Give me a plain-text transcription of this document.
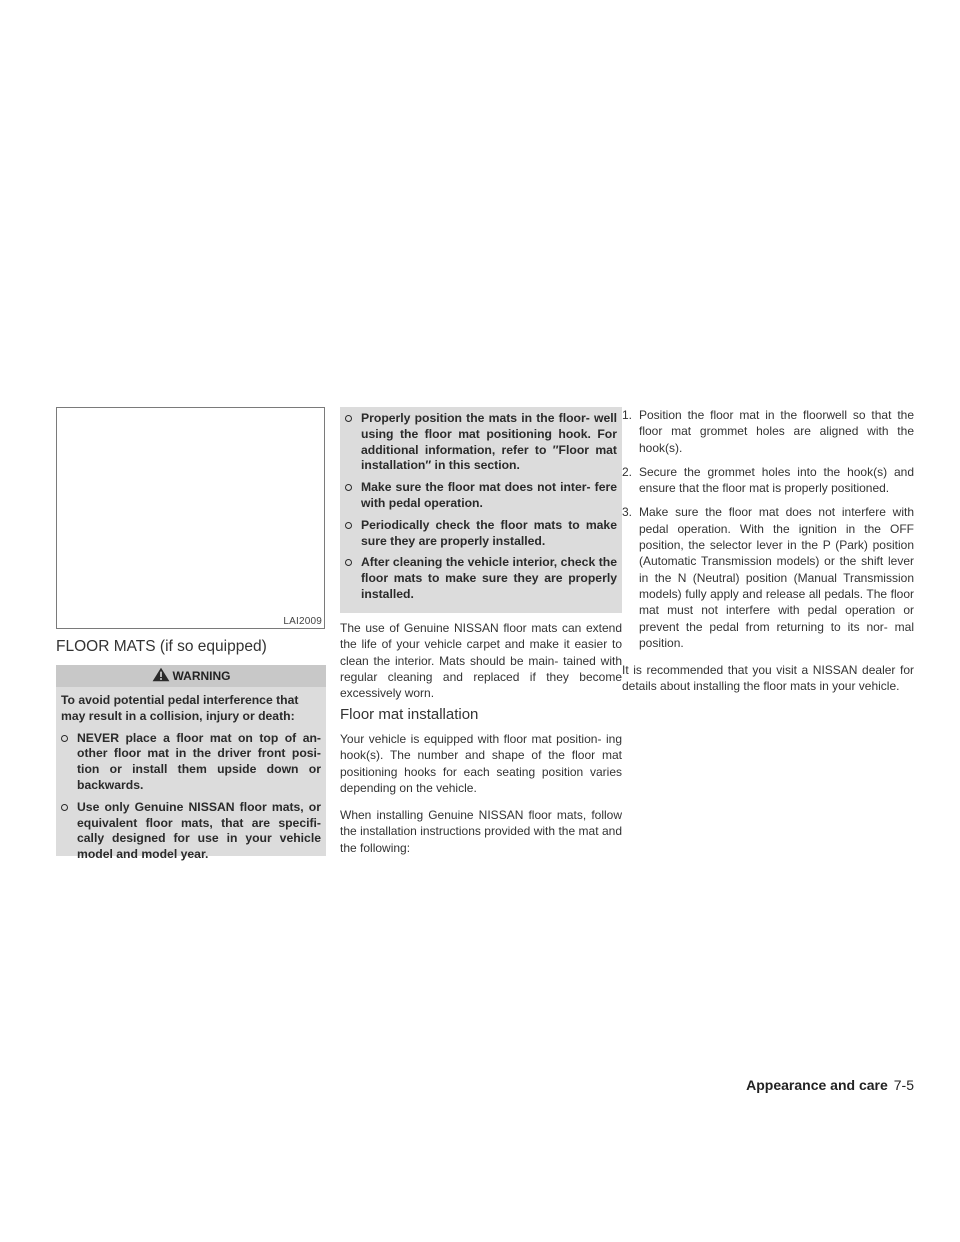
LAI2009
FLOOR MATS (if so equipped)
WARNING

To avoid potential pedal interference that may result in a collision, injury or death:

NEVER place a floor mat on top of an- other floor mat in the driver front posi- tion or install them upside down or backwards.
Use only Genuine NISSAN floor mats, or equivalent floor mats, that are specifi- cally designed for use in your vehicle model and model year.
Properly position the mats in the floor- well using the floor mat positioning hook. For additional information, refer to ″Floor mat installation″ in this section.
Make sure the floor mat does not inter- fere with pedal operation.
Periodically check the floor mats to make sure they are properly installed.
After cleaning the vehicle interior, check the floor mats to make sure they are properly installed.

The use of Genuine NISSAN floor mats can extend the life of your vehicle carpet and make it easier to clean the interior. Mats should be main- tained with regular cleaning and replaced if they become excessively worn.

Floor mat installation

Your vehicle is equipped with floor mat position- ing hook(s). The number and shape of the floor mat positioning hooks for each seating position varies depending on the vehicle.

When installing Genuine NISSAN floor mats, follow the installation instructions provided with the mat and the following:

1. Position the floor mat in the floorwell so that the floor mat grommet holes are aligned with the hook(s).
2. Secure the grommet holes into the hook(s) and ensure that the floor mat is properly positioned.
3. Make sure the floor mat does not interfere with pedal operation. With the ignition in the OFF position, the selector lever in the P (Park) position (Automatic Transmission models) or the shift lever in the N (Neutral) position (Manual Transmission models) fully apply and release all pedals. The floor mat must not interfere with pedal operation or prevent the pedal from returning to its nor- mal position.

It is recommended that you visit a NISSAN dealer for details about installing the floor mats in your vehicle.

Appearance and care 7-5
